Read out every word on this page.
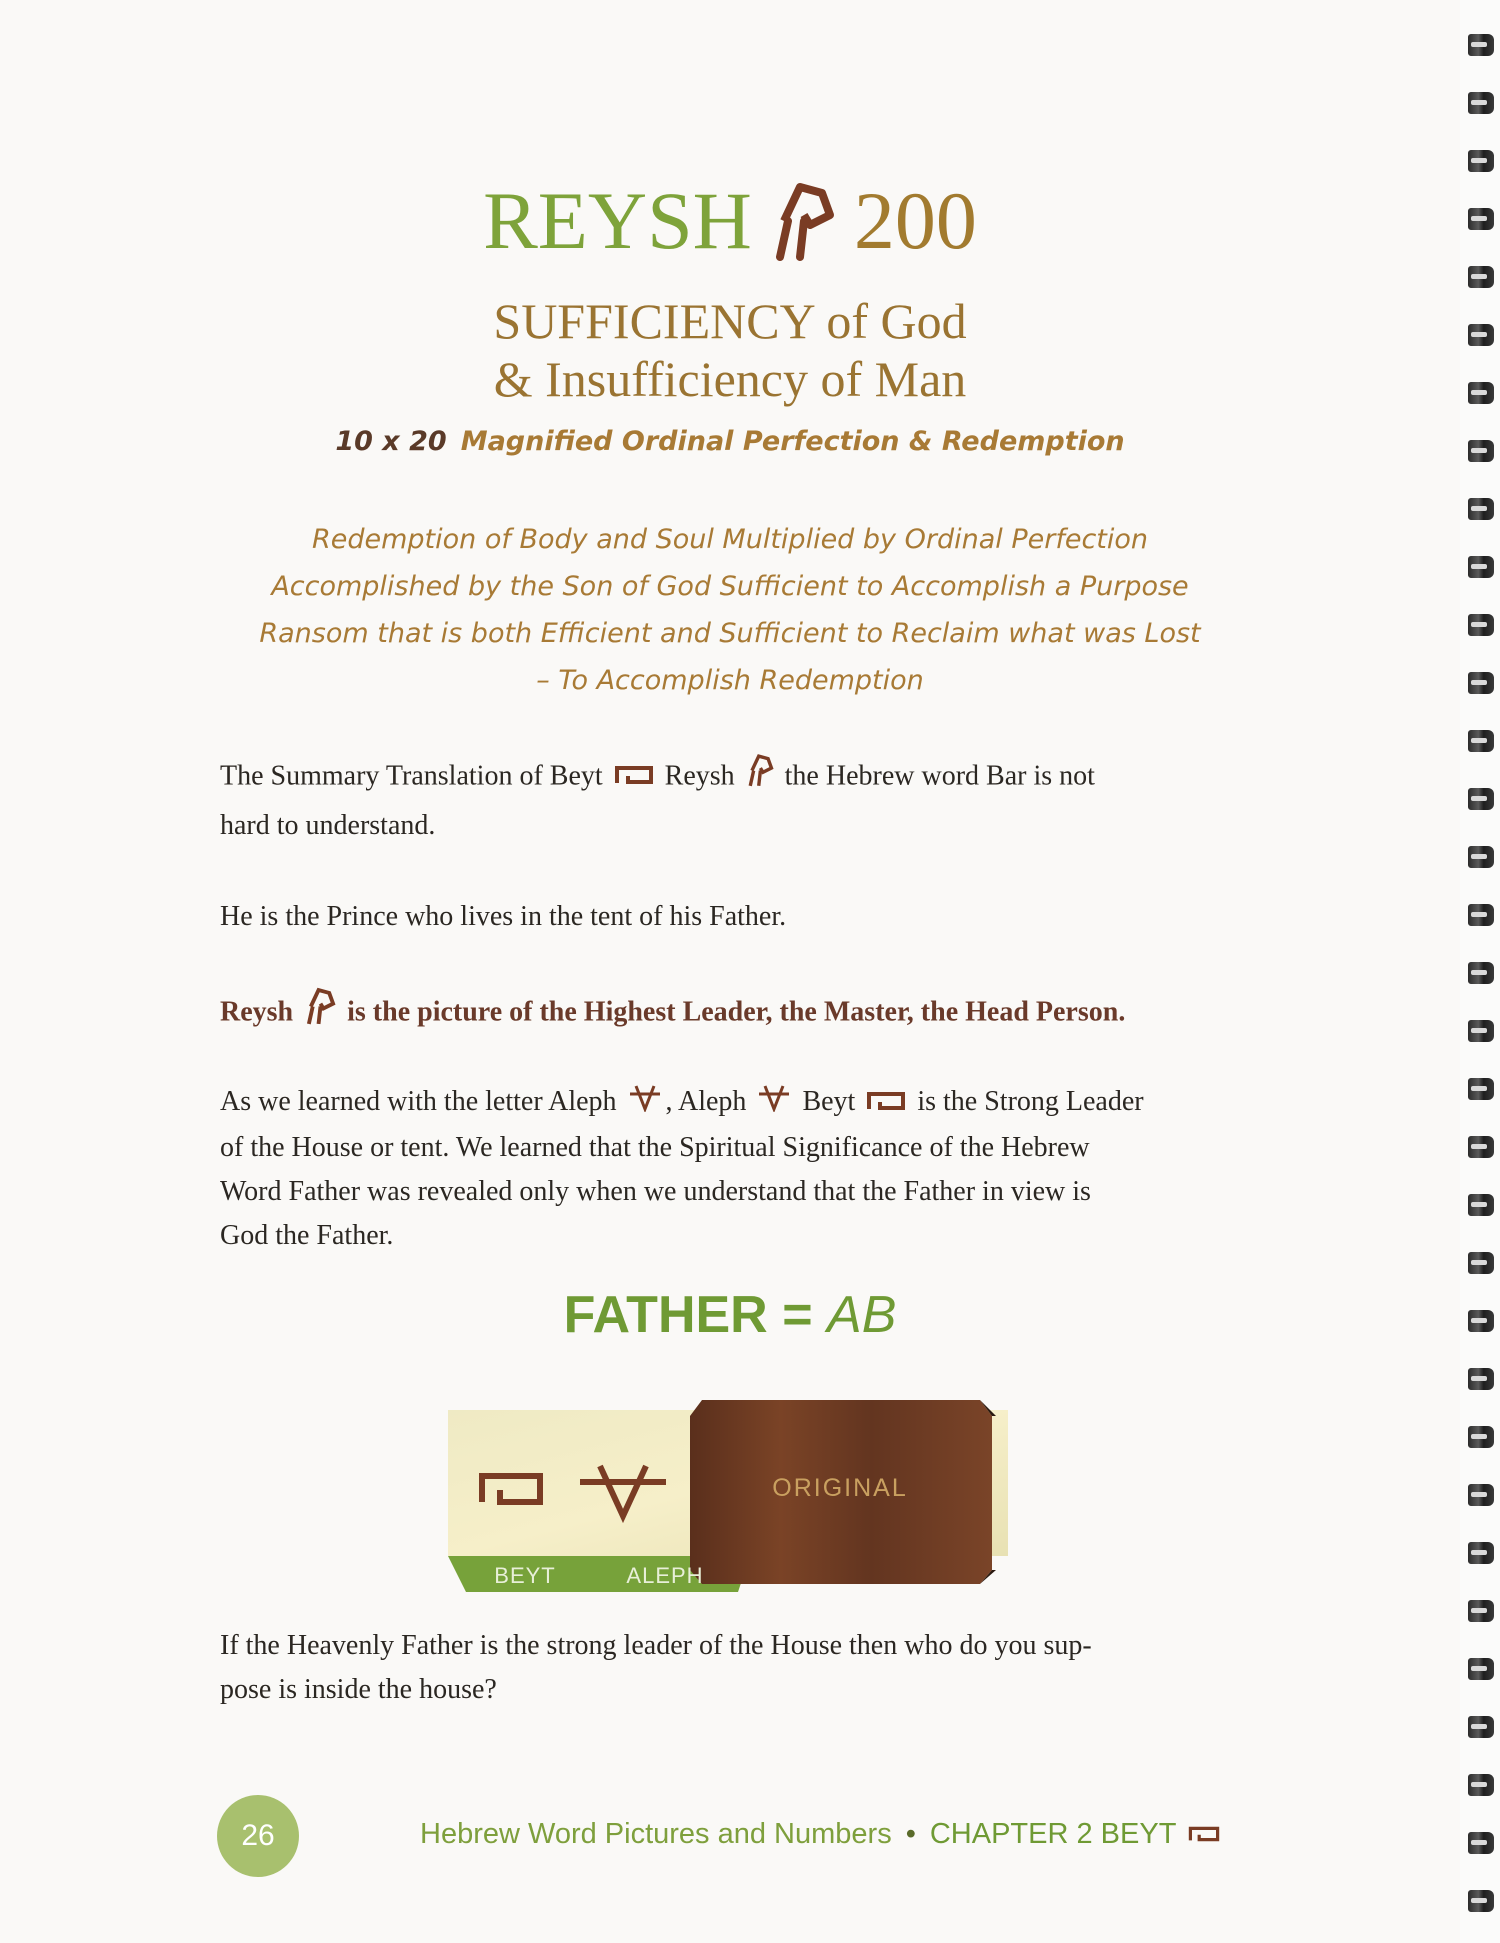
REYSH 200
SUFFICIENCY of God
& Insufficiency of Man
10 x 20 Magnified Ordinal Perfection & Redemption
Redemption of Body and Soul Multiplied by Ordinal Perfection
Accomplished by the Son of God Sufficient to Accomplish a Purpose
Ransom that is both Efficient and Sufficient to Reclaim what was Lost
– To Accomplish Redemption
The Summary Translation of Beyt Reysh the Hebrew word Bar is not
hard to understand.
He is the Prince who lives in the tent of his Father.
Reysh is the picture of the Highest Leader, the Master, the Head Person.
As we learned with the letter Aleph , Aleph Beyt is the Strong Leader
of the House or tent. We learned that the Spiritual Significance of the Hebrew
Word Father was revealed only when we understand that the Father in view is
God the Father.
FATHER = AB
ORIGINAL
BEYT	ALEPH
If the Heavenly Father is the strong leader of the House then who do you sup-
pose is inside the house?
26	Hebrew Word Pictures and Numbers • CHAPTER 2 BEYT
